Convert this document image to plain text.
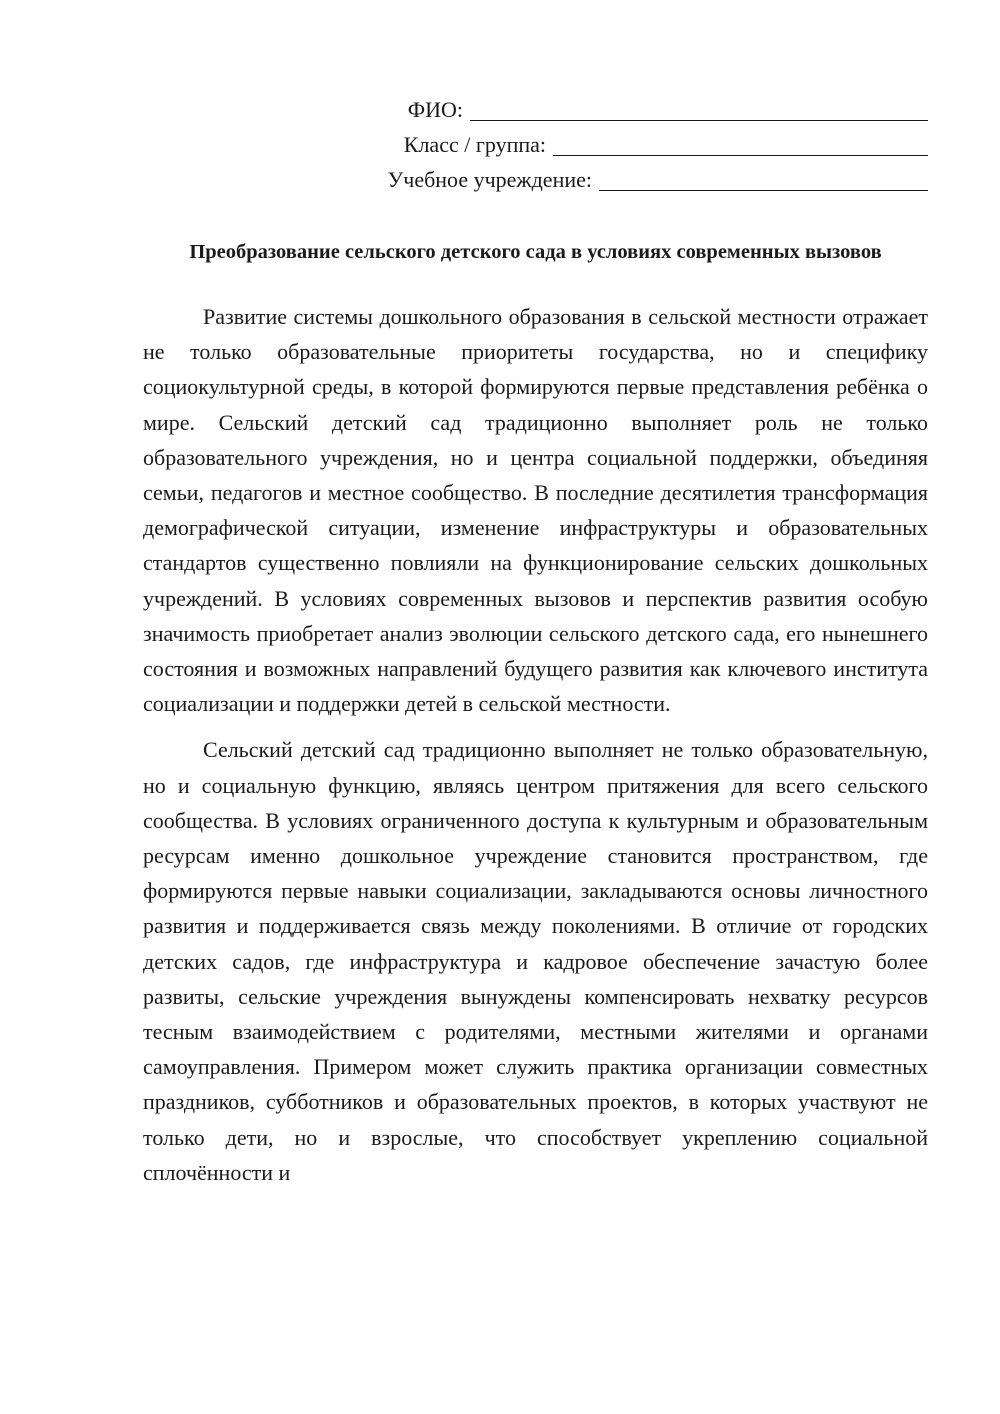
ФИО:
Класс / группа:
Учебное учреждение:
Преобразование сельского детского сада в условиях современных вызовов

Развитие системы дошкольного образования в сельской местности отражает не только образовательные приоритеты государства, но и специфику социокультурной среды, в которой формируются первые представления ребёнка о мире. Сельский детский сад традиционно выполняет роль не только образовательного учреждения, но и центра социальной поддержки, объединяя семьи, педагогов и местное сообщество. В последние десятилетия трансформация демографической ситуации, изменение инфраструктуры и образовательных стандартов существенно повлияли на функционирование сельских дошкольных учреждений. В условиях современных вызовов и перспектив развития особую значимость приобретает анализ эволюции сельского детского сада, его нынешнего состояния и возможных направлений будущего развития как ключевого института социализации и поддержки детей в сельской местности.

Сельский детский сад традиционно выполняет не только образовательную, но и социальную функцию, являясь центром притяжения для всего сельского сообщества. В условиях ограниченного доступа к культурным и образовательным ресурсам именно дошкольное учреждение становится пространством, где формируются первые навыки социализации, закладываются основы личностного развития и поддерживается связь между поколениями. В отличие от городских детских садов, где инфраструктура и кадровое обеспечение зачастую более развиты, сельские учреждения вынуждены компенсировать нехватку ресурсов тесным взаимодействием с родителями, местными жителями и органами самоуправления. Примером может служить практика организации совместных праздников, субботников и образовательных проектов, в которых участвуют не только дети, но и взрослые, что способствует укреплению социальной сплочённости и
